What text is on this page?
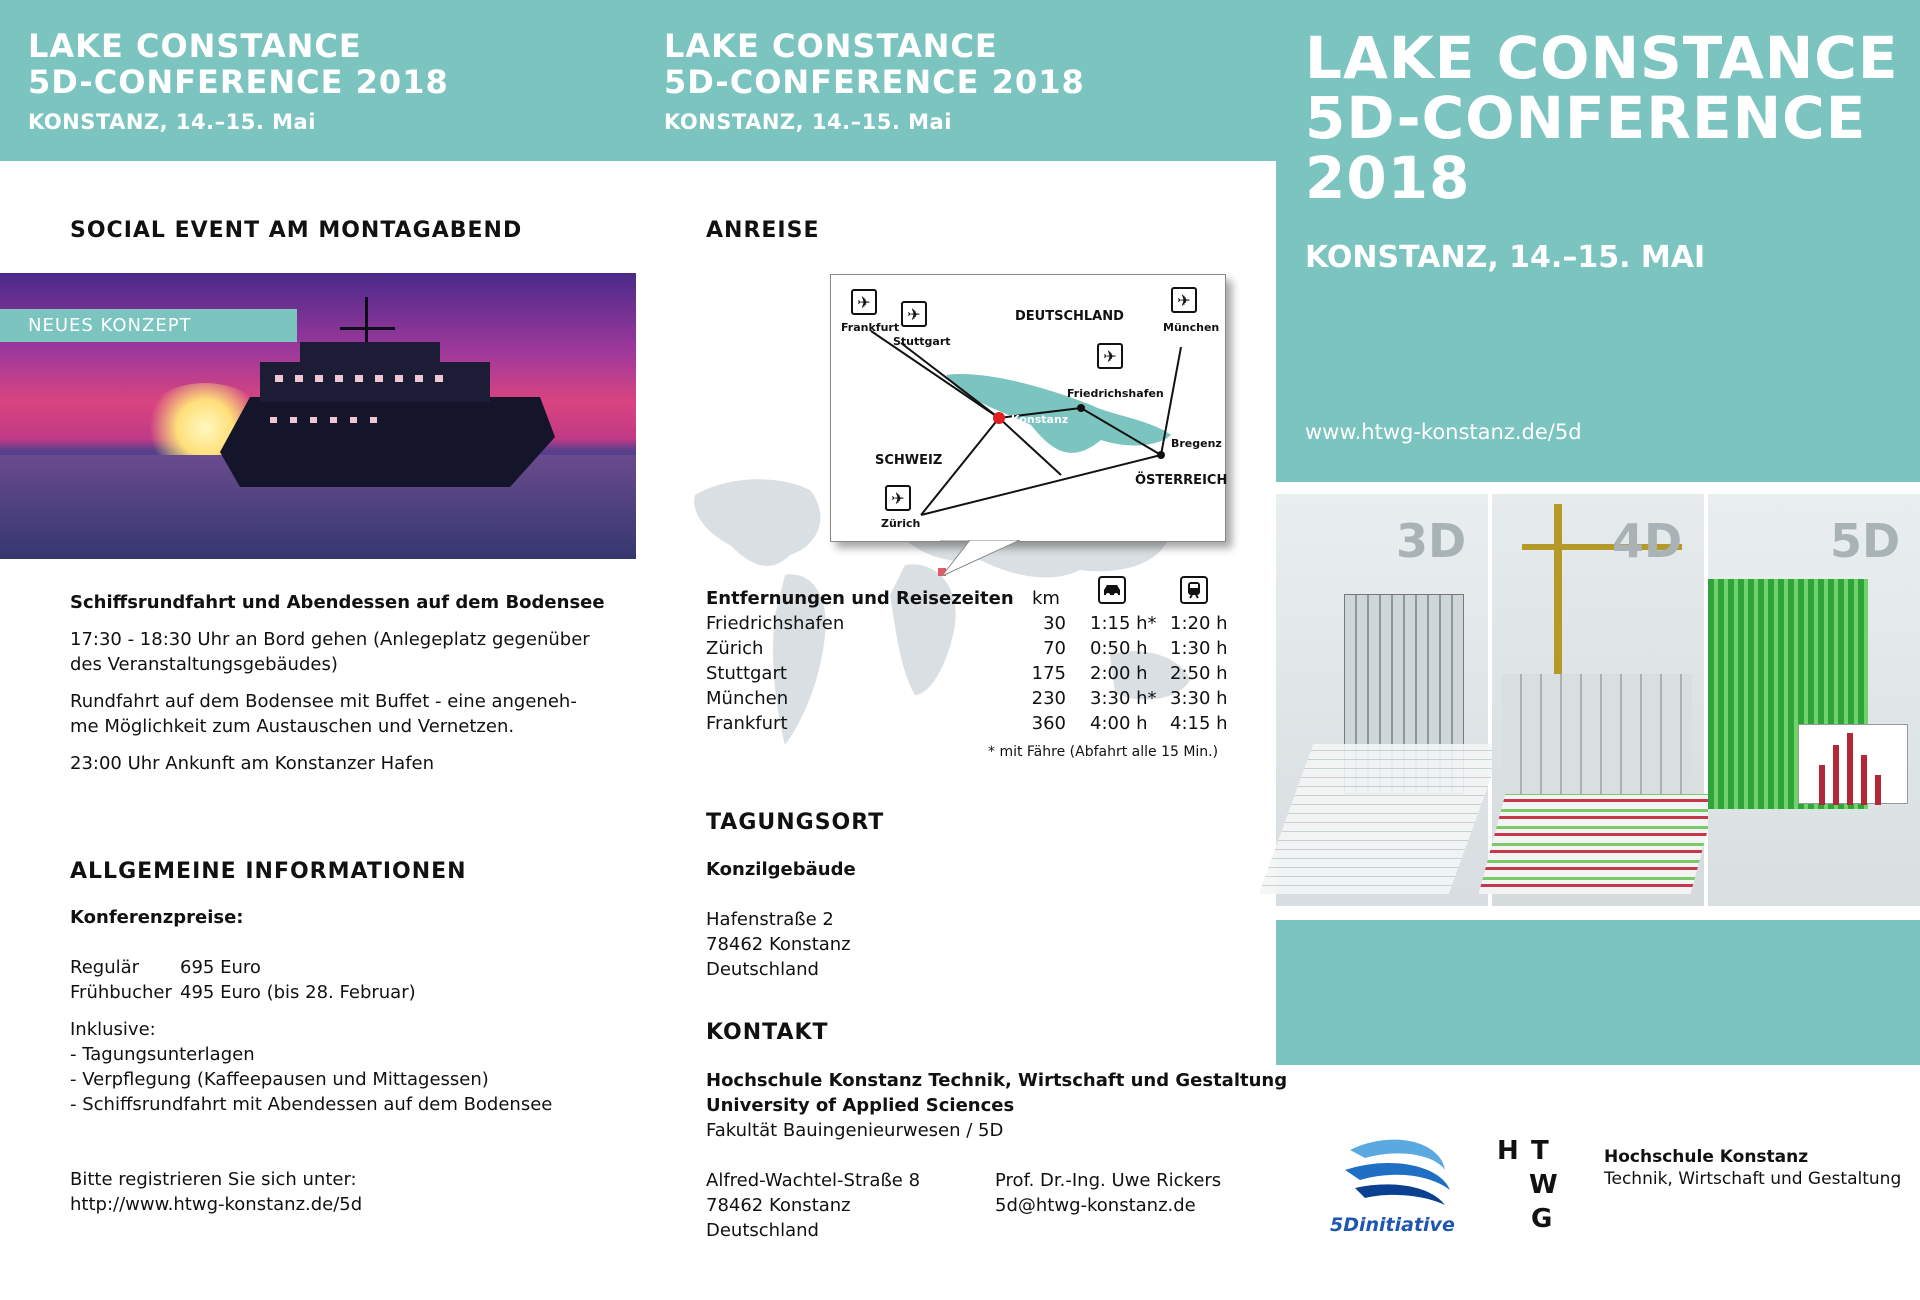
LAKE CONSTANCE
5D-CONFERENCE 2018
KONSTANZ, 14.–15. Mai
LAKE CONSTANCE
5D-CONFERENCE 2018
KONSTANZ, 14.–15. Mai
LAKE CONSTANCE
5D-CONFERENCE
2018
KONSTANZ, 14.–15. MAI
www.htwg-konstanz.de/5d
3D	4D	5D
5Dinitiative
H T
W
G
Hochschule Konstanz
Technik, Wirtschaft und Gestaltung
SOCIAL EVENT AM MONTAGABEND
NEUES KONZEPT
Schiffsrundfahrt und Abendessen auf dem Bodensee
17:30 - 18:30 Uhr an Bord gehen (Anlegeplatz gegenüber
des Veranstaltungsgebäudes)
Rundfahrt auf dem Bodensee mit Buffet - eine angeneh-
me Möglichkeit zum Austauschen und Vernetzen.
23:00 Uhr Ankunft am Konstanzer Hafen
ALLGEMEINE INFORMATIONEN
Konferenzpreise:
Regulär 695 Euro
Frühbucher 495 Euro (bis 28. Februar)
Inklusive:
- Tagungsunterlagen
- Verpflegung (Kaffeepausen und Mittagessen)
- Schiffsrundfahrt mit Abendessen auf dem Bodensee
Bitte registrieren Sie sich unter:
http://www.htwg-konstanz.de/5d
ANREISE
✈
✈
✈
✈
✈
Frankfurt
Stuttgart
DEUTSCHLAND
München
Friedrichshafen
Konstanz
Bregenz
SCHWEIZ
ÖSTERREICH
Zürich
Entfernungen und Reisezeiten km
Friedrichshafen	30 1:15 h* 1:20 h
Zürich	70 0:50 h 1:30 h
Stuttgart	175 2:00 h 2:50 h
München	230 3:30 h* 3:30 h
Frankfurt	360 4:00 h 4:15 h
* mit Fähre (Abfahrt alle 15 Min.)
TAGUNGSORT
Konzilgebäude
Hafenstraße 2
78462 Konstanz
Deutschland
KONTAKT
Hochschule Konstanz Technik, Wirtschaft und Gestaltung
University of Applied Sciences
Fakultät Bauingenieurwesen / 5D
Alfred-Wachtel-Straße 8
78462 Konstanz
Deutschland
Prof. Dr.-Ing. Uwe Rickers
5d@htwg-konstanz.de
